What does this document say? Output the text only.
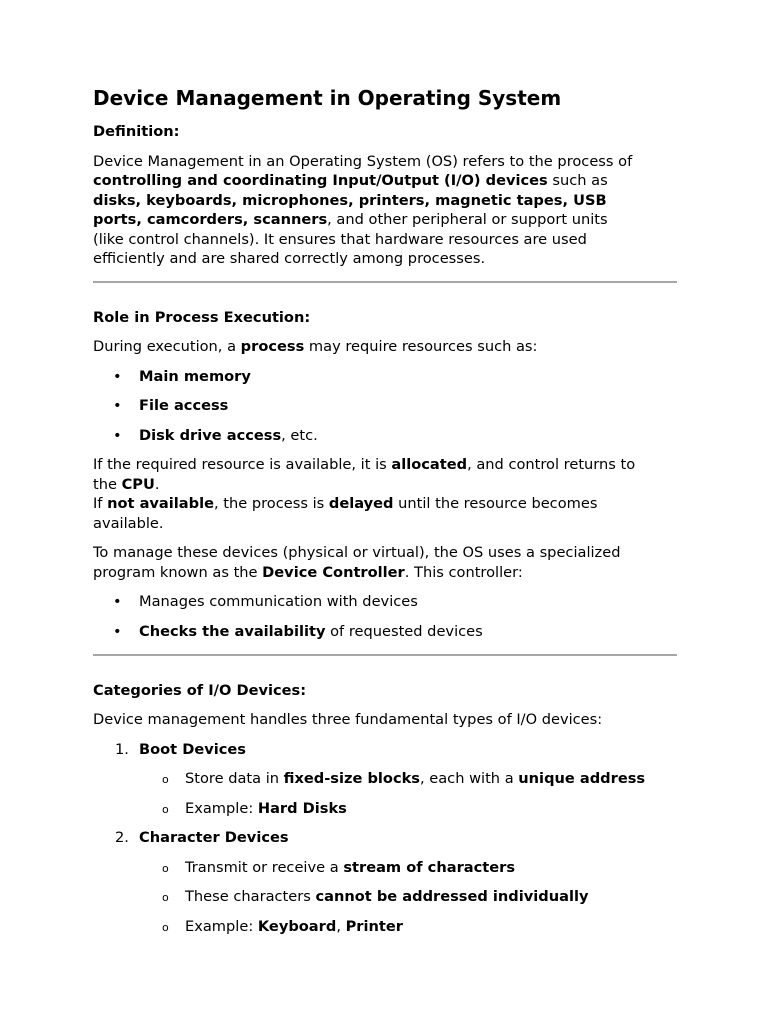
Device Management in Operating System

Definition:

Device Management in an Operating System (OS) refers to the process of
controlling and coordinating Input/Output (I/O) devices such as
disks, keyboards, microphones, printers, magnetic tapes, USB
ports, camcorders, scanners, and other peripheral or support units
(like control channels). It ensures that hardware resources are used
efficiently and are shared correctly among processes.

Role in Process Execution:

During execution, a process may require resources such as:

• Main memory
• File access
• Disk drive access, etc.
If the required resource is available, it is allocated, and control returns to
the CPU.
If not available, the process is delayed until the resource becomes
available.
To manage these devices (physical or virtual), the OS uses a specialized
program known as the Device Controller. This controller:
• Manages communication with devices
• Checks the availability of requested devices

Categories of I/O Devices:

Device management handles three fundamental types of I/O devices:

1. Boot Devices
o Store data in fixed-size blocks, each with a unique address
o Example: Hard Disks
2. Character Devices
o Transmit or receive a stream of characters
o These characters cannot be addressed individually
o Example: Keyboard, Printer
